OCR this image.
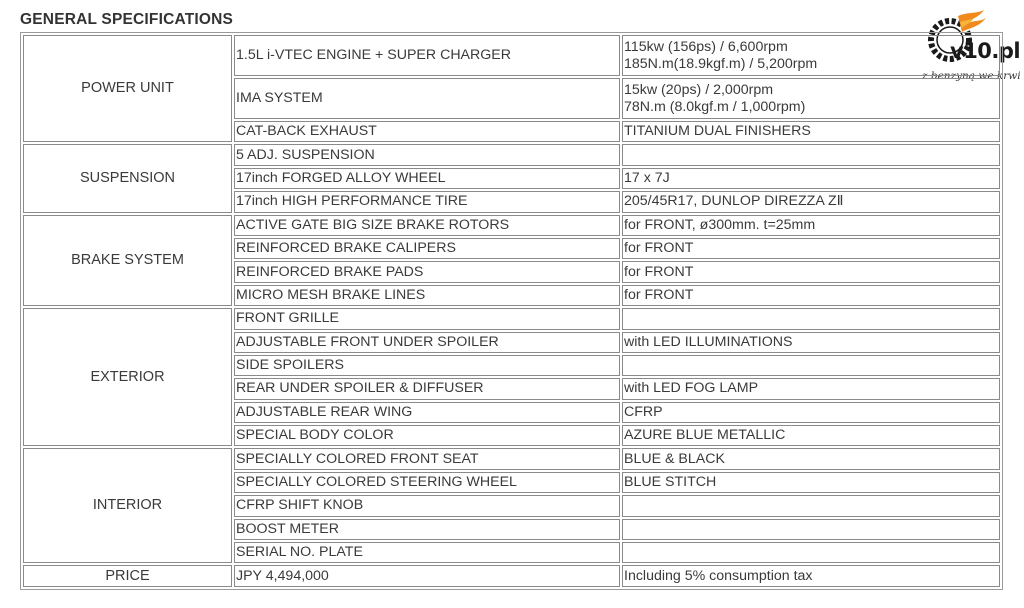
GENERAL SPECIFICATIONS
v10.pl
z benzyną we krwi
POWER UNIT	1.5L i-VTEC ENGINE + SUPER CHARGER	115kw (156ps) / 6,600rpm
185N.m(18.9kgf.m) / 5,200rpm

	IMA SYSTEM	15kw (20ps) / 2,000rpm
78N.m (8.0kgf.m / 1,000rpm)

	CAT-BACK EXHAUST	TITANIUM DUAL FINISHERS

SUSPENSION	5 ADJ. SUSPENSION	

	17inch FORGED ALLOY WHEEL	17 x 7J

	17inch HIGH PERFORMANCE TIRE	205/45R17, DUNLOP DIREZZA ZⅡ

BRAKE SYSTEM	ACTIVE GATE BIG SIZE BRAKE ROTORS	for FRONT, ø300mm. t=25mm

	REINFORCED BRAKE CALIPERS	for FRONT

	REINFORCED BRAKE PADS	for FRONT

	MICRO MESH BRAKE LINES	for FRONT

EXTERIOR	FRONT GRILLE	

	ADJUSTABLE FRONT UNDER SPOILER	with LED ILLUMINATIONS

	SIDE SPOILERS	

	REAR UNDER SPOILER & DIFFUSER	with LED FOG LAMP

	ADJUSTABLE REAR WING	CFRP

	SPECIAL BODY COLOR	AZURE BLUE METALLIC

INTERIOR	SPECIALLY COLORED FRONT SEAT	BLUE & BLACK

	SPECIALLY COLORED STEERING WHEEL	BLUE STITCH

	CFRP SHIFT KNOB	

	BOOST METER	

	SERIAL NO. PLATE	

PRICE	JPY 4,494,000	Including 5% consumption tax
